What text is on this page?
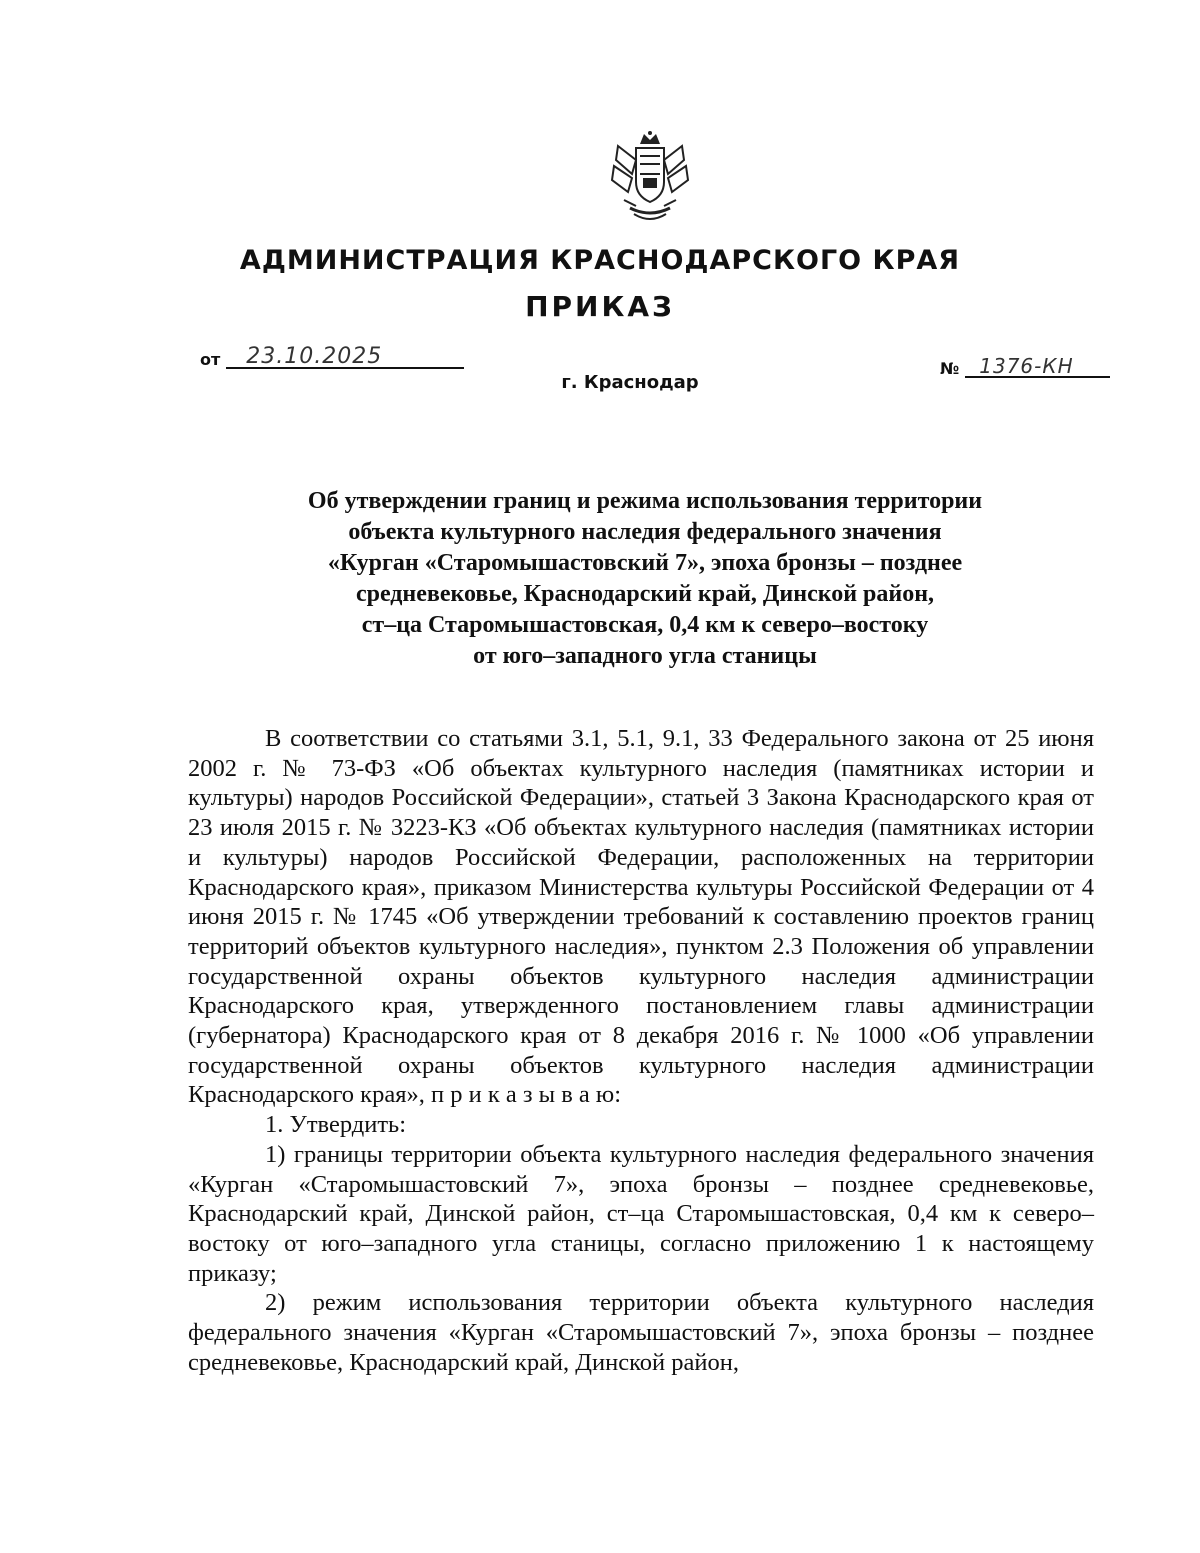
АДМИНИСТРАЦИЯ КРАСНОДАРСКОГО КРАЯ
ПРИКАЗ
от 23.10.2025	№ 1376-КН
г. Краснодар
Об утверждении границ и режима использования территории
объекта культурного наследия федерального значения
«Курган «Старомышастовский 7», эпоха бронзы – позднее
средневековье, Краснодарский край, Динской район,
ст–ца Старомышастовская, 0,4 км к северо–востоку
от юго–западного угла станицы

В соответствии со статьями 3.1, 5.1, 9.1, 33 Федерального закона от 25 июня 2002 г. № 73-ФЗ «Об объектах культурного наследия (памятниках истории и культуры) народов Российской Федерации», статьей 3 Закона Краснодарского края от 23 июля 2015 г. № 3223-КЗ «Об объектах культурного наследия (памятниках истории и культуры) народов Российской Федерации, расположенных на территории Краснодарского края», приказом Министерства культуры Российской Федерации от 4 июня 2015 г. № 1745 «Об утверждении требований к составлению проектов границ территорий объектов культурного наследия», пунктом 2.3 Положения об управлении государственной охраны объектов культурного наследия администрации Краснодарского края, утвержденного постановлением главы администрации (губернатора) Краснодарского края от 8 декабря 2016 г. № 1000 «Об управлении государственной охраны объектов культурного наследия администрации Краснодарского края», п р и к а з ы в а ю:

1. Утвердить:

1) границы территории объекта культурного наследия федерального значения «Курган «Старомышастовский 7», эпоха бронзы – позднее средневековье, Краснодарский край, Динской район, ст–ца Старомышастовская, 0,4 км к северо–востоку от юго–западного угла станицы, согласно приложению 1 к настоящему приказу;

2) режим использования территории объекта культурного наследия федерального значения «Курган «Старомышастовский 7», эпоха бронзы – позднее средневековье, Краснодарский край, Динской район,
